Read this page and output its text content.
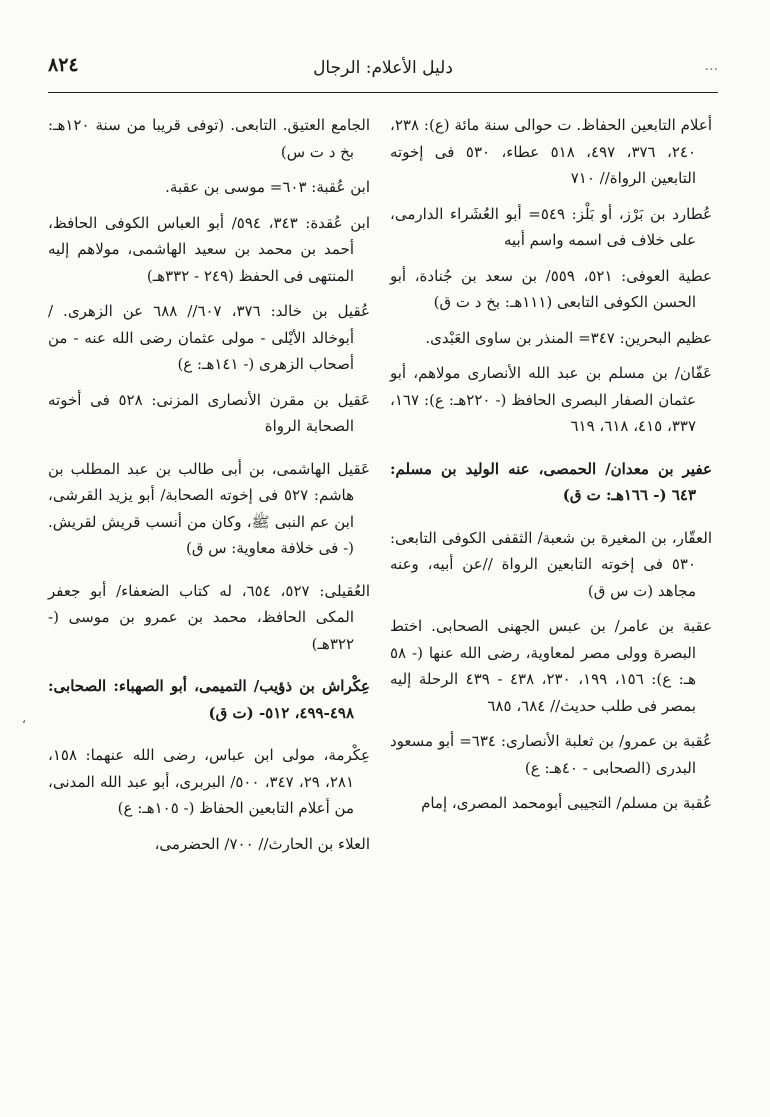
٨٢٤	دليل الأعلام: الرجال	...

أعلام التابعين الحفاظ. ت حوالى سنة مائة (ع): ٢٣٨، ٢٤٠، ٣٧٦، ٤٩٧، ٥١٨ عطاء، ٥٣٠ فى إخوته التابعين الرواة// ٧١٠

عُطارد بن بَرْز، أو بَلْز: ٥٤٩= أبو العُشَراء الدارمى، على خلاف فى اسمه واسم أبيه

عطية العوفى: ٥٢١، ٥٥٩/ بن سعد بن جُنادة، أبو الحسن الكوفى التابعى (١١١هـ: بخ د ت ق)

عظيم البحرين: ٣٤٧= المنذر بن ساوى العَبْدى.

عَفّان/ بن مسلم بن عبد الله الأنصارى مولاهم، أبو عثمان الصفار البصرى الحافظ (- ٢٢٠هـ: ع): ١٦٧، ٣٣٧، ٤١٥، ٦١٨، ٦١٩

عفير بن معدان/ الحمصى، عنه الوليد بن مسلم: ٦٤٣ (- ١٦٦هـ: ت ق)

العقّار، بن المغيرة بن شعبة/ الثقفى الكوفى التابعى: ٥٣٠ فى إخوته التابعين الرواة //عن أبيه، وعنه مجاهد (ت س ق)

عقبة بن عامر/ بن عبس الجهنى الصحابى. اختط البصرة وولى مصر لمعاوية، رضى الله عنها (- ٥٨ هـ: ع): ١٥٦، ١٩٩، ٢٣٠، ٤٣٨ - ٤٣٩ الرحلة إليه بمصر فى طلب حديث// ٦٨٤، ٦٨٥

عُقبة بن عمرو/ بن ثعلبة الأنصارى: ٦٣٤= أبو مسعود البدرى (الصحابى - ٤٠هـ: ع)

عُقبة بن مسلم/ التجيبى أبومحمد المصرى، إمام

الجامع العتيق. التابعى. (توفى قريبا من سنة ١٢٠هـ: بخ د ت س)

ابن عُقبة: ٦٠٣= موسى بن عقبة.

ابن عُقدة: ٣٤٣، ٥٩٤/ أبو العباس الكوفى الحافظ، أحمد بن محمد بن سعيد الهاشمى، مولاهم إليه المنتهى فى الحفظ (٢٤٩ - ٣٣٢هـ)

عُقيل بن خالد: ٣٧٦، ٦٠٧// ٦٨٨ عن الزهرى. /أبوخالد الأيْلى - مولى عثمان رضى الله عنه - من أصحاب الزهرى (- ١٤١هـ: ع)

عَقيل بن مقرن الأنصارى المزنى: ٥٢٨ فى أخوته الصحابة الرواة

عَقيل الهاشمى، بن أبى طالب بن عبد المطلب بن هاشم: ٥٢٧ فى إخوته الصحابة/ أبو يزيد القرشى، ابن عم النبى ﷺ، وكان من أنسب قريش لقريش. (- فى خلافة معاوية: س ق)

العُقيلى: ٥٢٧، ٦٥٤، له كتاب الضعفاء/ أبو جعفر المكى الحافظ، محمد بن عمرو بن موسى (- ٣٢٢هـ)

عِكْراش بن ذؤيب/ التميمى، أبو الصهباء: الصحابى: ٤٩٨-٤٩٩، ٥١٢- (ت ق)

عِكْرمة، مولى ابن عباس، رضى الله عنهما: ١٥٨، ٢٨١، ٢٩، ٣٤٧، ٥٠٠/ البربرى، أبو عبد الله المدنى، من أعلام التابعين الحفاظ (- ١٠٥هـ: ع)

العلاء بن الحارث// ٧٠٠/ الحضرمى،

،
